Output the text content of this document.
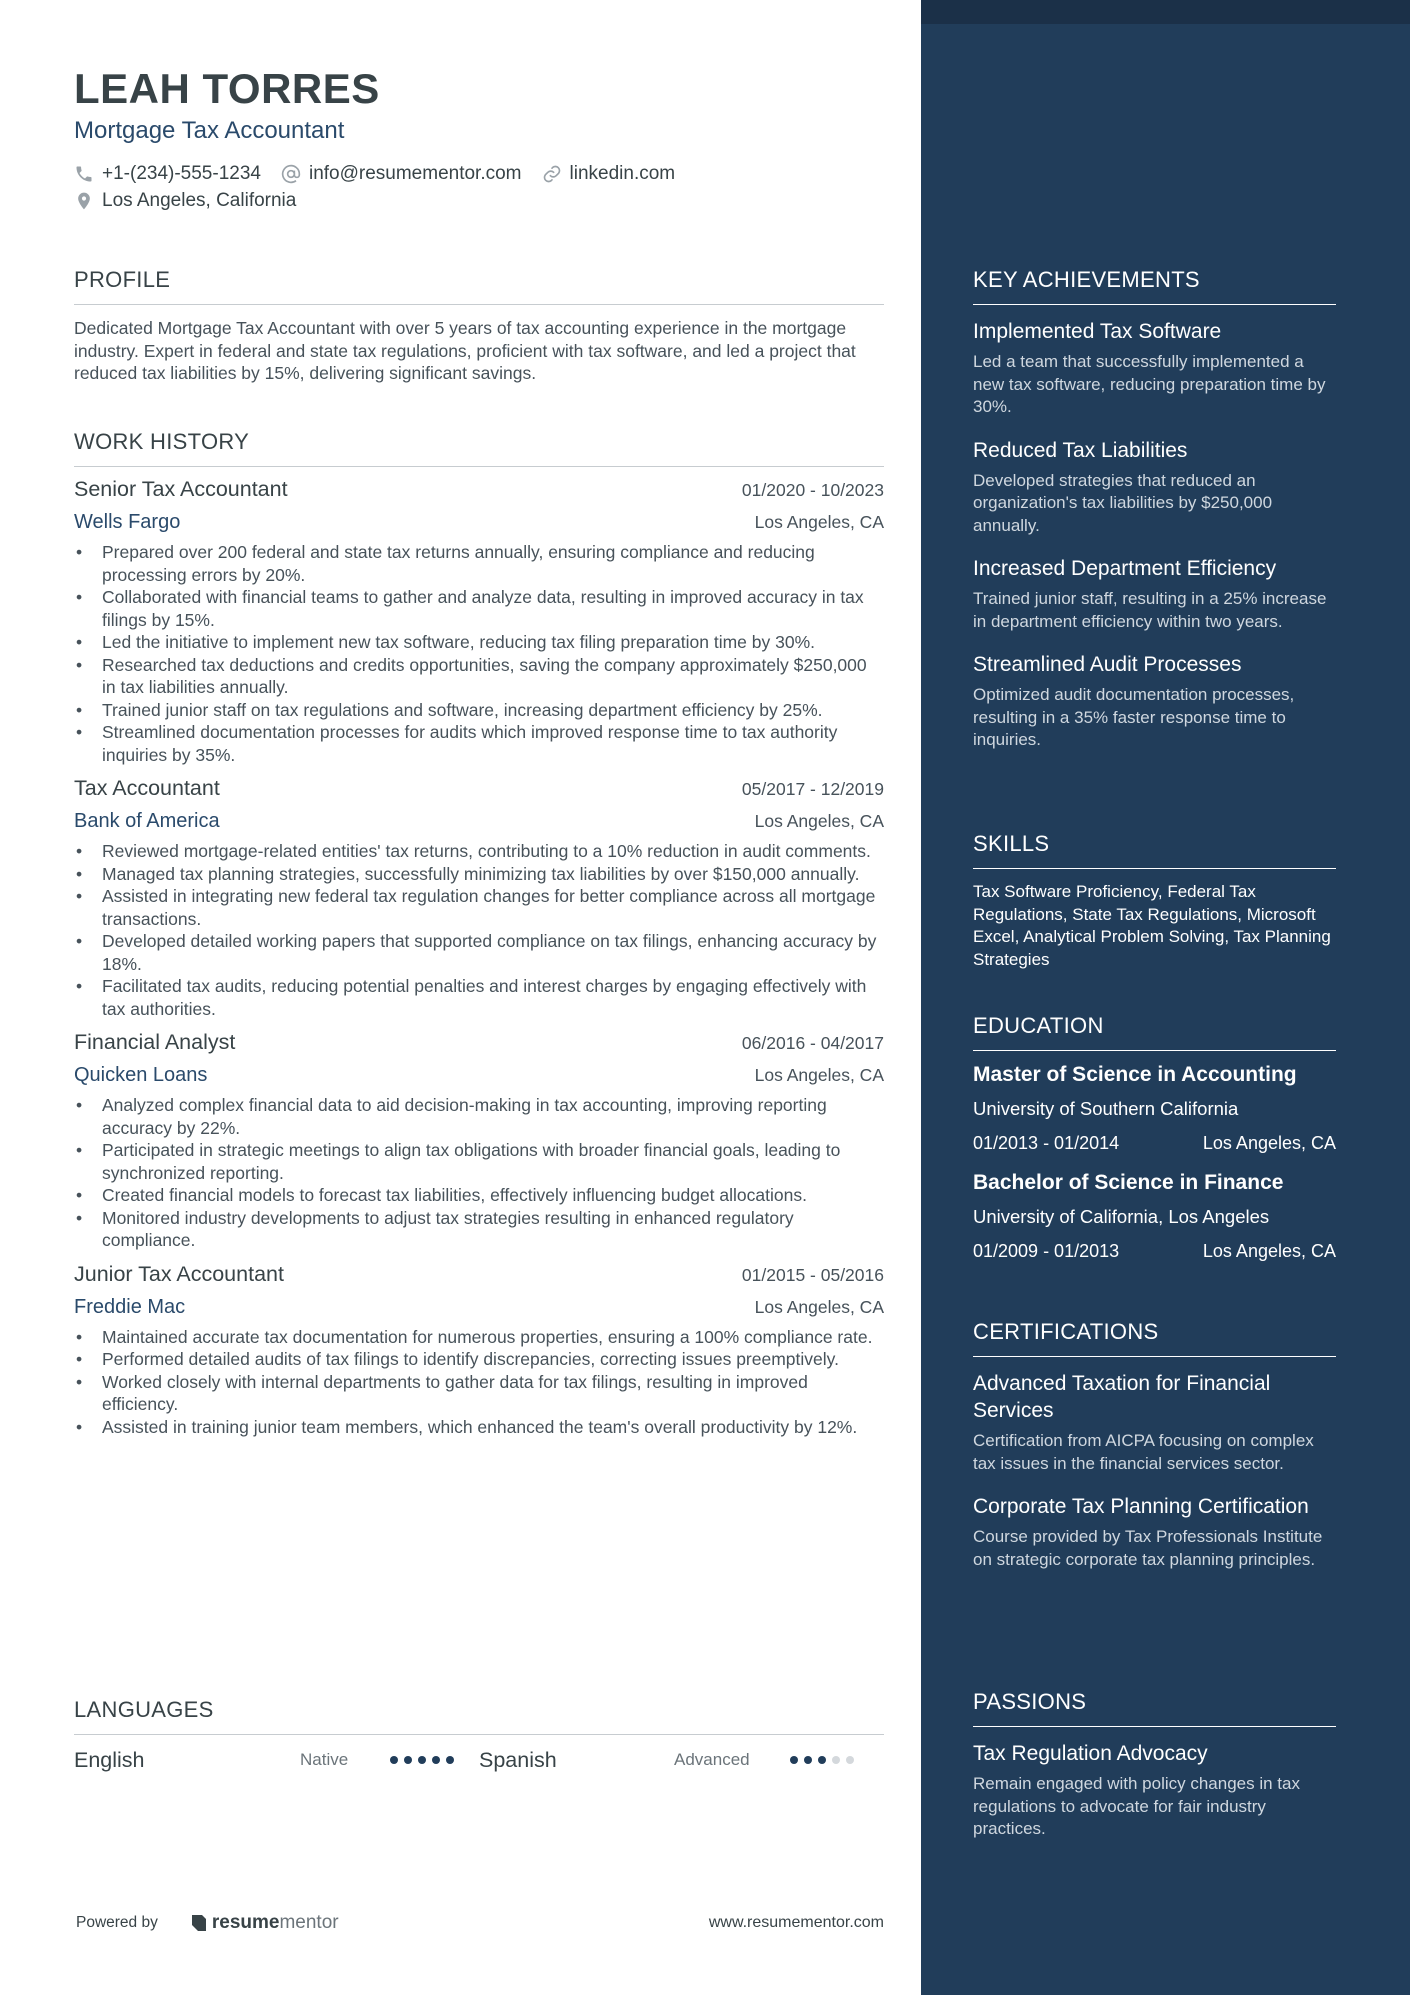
LEAH TORRES
Mortgage Tax Accountant
+1-(234)-555-1234	info@resumementor.com	linkedin.com
Los Angeles, California
PROFILE

Dedicated Mortgage Tax Accountant with over 5 years of tax accounting experience in the mortgage industry. Expert in federal and state tax regulations, proficient with tax software, and led a project that reduced tax liabilities by 15%, delivering significant savings.

WORK HISTORY
Senior Tax Accountant	01/2020 - 10/2023
Wells Fargo	Los Angeles, CA
• Prepared over 200 federal and state tax returns annually, ensuring compliance and reducing processing errors by 20%.
• Collaborated with financial teams to gather and analyze data, resulting in improved accuracy in tax filings by 15%.
• Led the initiative to implement new tax software, reducing tax filing preparation time by 30%.
• Researched tax deductions and credits opportunities, saving the company approximately $250,000 in tax liabilities annually.
• Trained junior staff on tax regulations and software, increasing department efficiency by 25%.
• Streamlined documentation processes for audits which improved response time to tax authority inquiries by 35%.
Tax Accountant	05/2017 - 12/2019
Bank of America	Los Angeles, CA
• Reviewed mortgage-related entities' tax returns, contributing to a 10% reduction in audit comments.
• Managed tax planning strategies, successfully minimizing tax liabilities by over $150,000 annually.
• Assisted in integrating new federal tax regulation changes for better compliance across all mortgage transactions.
• Developed detailed working papers that supported compliance on tax filings, enhancing accuracy by 18%.
• Facilitated tax audits, reducing potential penalties and interest charges by engaging effectively with tax authorities.
Financial Analyst	06/2016 - 04/2017
Quicken Loans	Los Angeles, CA
• Analyzed complex financial data to aid decision-making in tax accounting, improving reporting accuracy by 22%.
• Participated in strategic meetings to align tax obligations with broader financial goals, leading to synchronized reporting.
• Created financial models to forecast tax liabilities, effectively influencing budget allocations.
• Monitored industry developments to adjust tax strategies resulting in enhanced regulatory compliance.
Junior Tax Accountant	01/2015 - 05/2016
Freddie Mac	Los Angeles, CA
• Maintained accurate tax documentation for numerous properties, ensuring a 100% compliance rate.
• Performed detailed audits of tax filings to identify discrepancies, correcting issues preemptively.
• Worked closely with internal departments to gather data for tax filings, resulting in improved efficiency.
• Assisted in training junior team members, which enhanced the team's overall productivity by 12%.
LANGUAGES
English	Native	Spanish	Advanced
Powered by	resume mentor	www.resumementor.com
KEY ACHIEVEMENTS
Implemented Tax Software
Led a team that successfully implemented a new tax software, reducing preparation time by 30%.
Reduced Tax Liabilities
Developed strategies that reduced an organization's tax liabilities by $250,000 annually.
Increased Department Efficiency
Trained junior staff, resulting in a 25% increase in department efficiency within two years.
Streamlined Audit Processes
Optimized audit documentation processes, resulting in a 35% faster response time to inquiries.
SKILLS
Tax Software Proficiency, Federal Tax Regulations, State Tax Regulations, Microsoft Excel, Analytical Problem Solving, Tax Planning Strategies
EDUCATION
Master of Science in Accounting
University of Southern California
01/2013 - 01/2014	Los Angeles, CA
Bachelor of Science in Finance
University of California, Los Angeles
01/2009 - 01/2013	Los Angeles, CA
CERTIFICATIONS
Advanced Taxation for Financial Services
Certification from AICPA focusing on complex tax issues in the financial services sector.
Corporate Tax Planning Certification
Course provided by Tax Professionals Institute on strategic corporate tax planning principles.
PASSIONS
Tax Regulation Advocacy
Remain engaged with policy changes in tax regulations to advocate for fair industry practices.
